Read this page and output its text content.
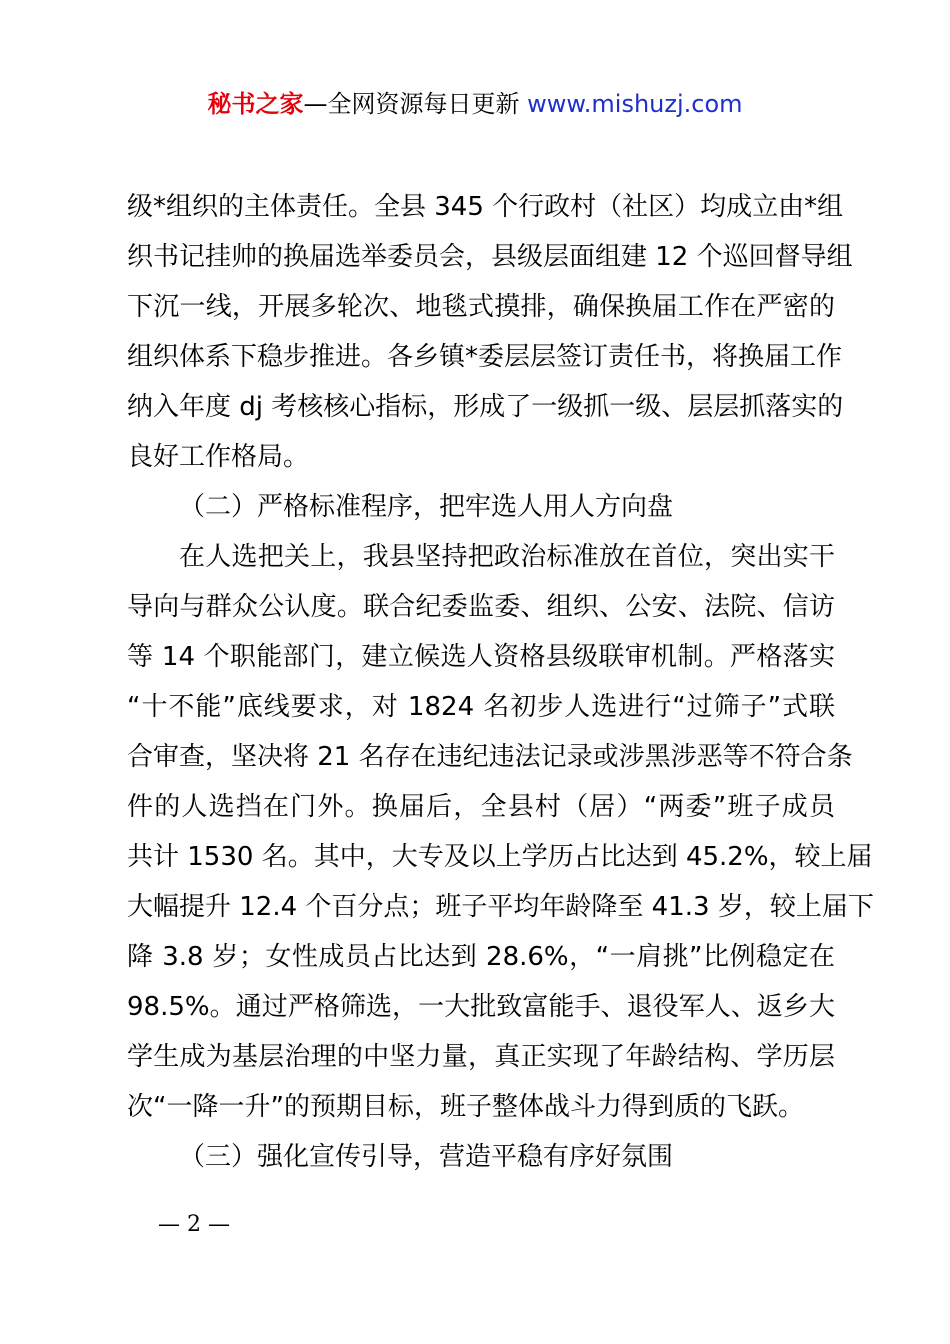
秘书之家—全网资源每日更新 www.mishuzj.com
级*组织的主体责任。全县 345 个行政村（社区）均成立由*组
织书记挂帅的换届选举委员会，县级层面组建 12 个巡回督导组
下沉一线，开展多轮次、地毯式摸排，确保换届工作在严密的
组织体系下稳步推进。各乡镇*委层层签订责任书，将换届工作
纳入年度 dj 考核核心指标，形成了一级抓一级、层层抓落实的
良好工作格局。
（二）严格标准程序，把牢选人用人方向盘
在人选把关上，我县坚持把政治标准放在首位，突出实干
导向与群众公认度。联合纪委监委、组织、公安、法院、信访
等 14 个职能部门，建立候选人资格县级联审机制。严格落实
“十不能”底线要求，对 1824 名初步人选进行“过筛子”式联
合审查，坚决将 21 名存在违纪违法记录或涉黑涉恶等不符合条
件的人选挡在门外。换届后，全县村（居）“两委”班子成员
共计 1530 名。其中，大专及以上学历占比达到 45.2%，较上届
大幅提升 12.4 个百分点；班子平均年龄降至 41.3 岁，较上届下
降 3.8 岁；女性成员占比达到 28.6%，“一肩挑”比例稳定在
98.5%。通过严格筛选，一大批致富能手、退役军人、返乡大
学生成为基层治理的中坚力量，真正实现了年龄结构、学历层
次“一降一升”的预期目标，班子整体战斗力得到质的飞跃。
（三）强化宣传引导，营造平稳有序好氛围
— 2 —
